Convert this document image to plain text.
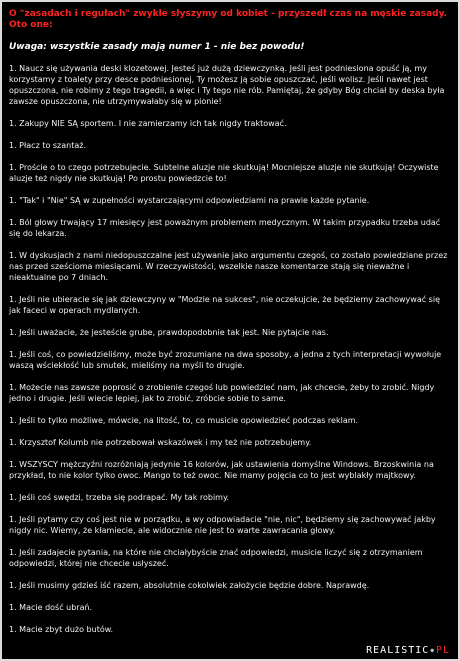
O "zasadach i regułach" zwykle słyszymy od kobiet - przyszedł czas na męskie zasady. Oto one:

Uwaga: wszystkie zasady mają numer 1 - nie bez powodu!

1. Naucz się używania deski klozetowej. Jesteś już dużą dziewczynką. Jeśli jest podniesiona opuść ją, my korzystamy z toalety przy desce podniesionej, Ty możesz ją sobie opuszczać, jeśli wolisz. Jeśli nawet jest opuszczona, nie robimy z tego tragedii, a więc i Ty tego nie rób. Pamiętaj, że gdyby Bóg chciał by deska była zawsze opuszczona, nie utrzymywałaby się w pionie!

1. Zakupy NIE SĄ sportem. I nie zamierzamy ich tak nigdy traktować.

1. Płacz to szantaż.

1. Proście o to czego potrzebujecie. Subtelne aluzje nie skutkują! Mocniejsze aluzje nie skutkują! Oczywiste aluzje też nigdy nie skutkują! Po prostu powiedzcie to!

1. "Tak" i "Nie" SĄ w zupełności wystarczającymi odpowiedziami na prawie każde pytanie.

1. Ból głowy trwający 17 miesięcy jest poważnym problemem medycznym. W takim przypadku trzeba udać się do lekarza.

1. W dyskusjach z nami niedopuszczalne jest używanie jako argumentu czegoś, co zostało powiedziane przez nas przed sześcioma miesiącami. W rzeczywistości, wszelkie nasze komentarze stają się nieważne i nieaktualne po 7 dniach.

1. Jeśli nie ubieracie się jak dziewczyny w "Modzie na sukces", nie oczekujcie, że będziemy zachowywać się jak faceci w operach mydlanych.

1. Jeśli uważacie, że jesteście grube, prawdopodobnie tak jest. Nie pytajcie nas.

1. Jeśli coś, co powiedzieliśmy, może być zrozumiane na dwa sposoby, a jedna z tych interpretacji wywołuje waszą wściekłość lub smutek, mieliśmy na myśli to drugie.

1. Możecie nas zawsze poprosić o zrobienie czegoś lub powiedzieć nam, jak chcecie, żeby to zrobić. Nigdy jedno i drugie. Jeśli wiecie lepiej, jak to zrobić, zróbcie sobie to same.

1. Jeśli to tylko możliwe, mówcie, na litość, to, co musicie opowiedzieć podczas reklam.

1. Krzysztof Kolumb nie potrzebował wskazówek i my też nie potrzebujemy.

1. WSZYSCY mężczyźni rozróżniają jedynie 16 kolorów, jak ustawienia domyślne Windows. Brzoskwinia na przykład, to nie kolor tylko owoc. Mango to też owoc. Nie mamy pojęcia co to jest wyblakły majtkowy.

1. Jeśli coś swędzi, trzeba się podrapać. My tak robimy.

1. Jeśli pytamy czy coś jest nie w porządku, a wy odpowiadacie "nie, nic", będziemy się zachowywać jakby nigdy nic. Wiemy, że kłamiecie, ale widocznie nie jest to warte zawracania głowy.

1. Jeśli zadajecie pytania, na które nie chciałybyście znać odpowiedzi, musicie liczyć się z otrzymaniem odpowiedzi, której nie chcecie usłyszeć.

1. Jeśli musimy gdzieś iść razem, absolutnie cokolwiek założycie będzie dobre. Naprawdę.

1. Macie dość ubrań.

1. Macie zbyt dużo butów.

REALISTIC ● PL
